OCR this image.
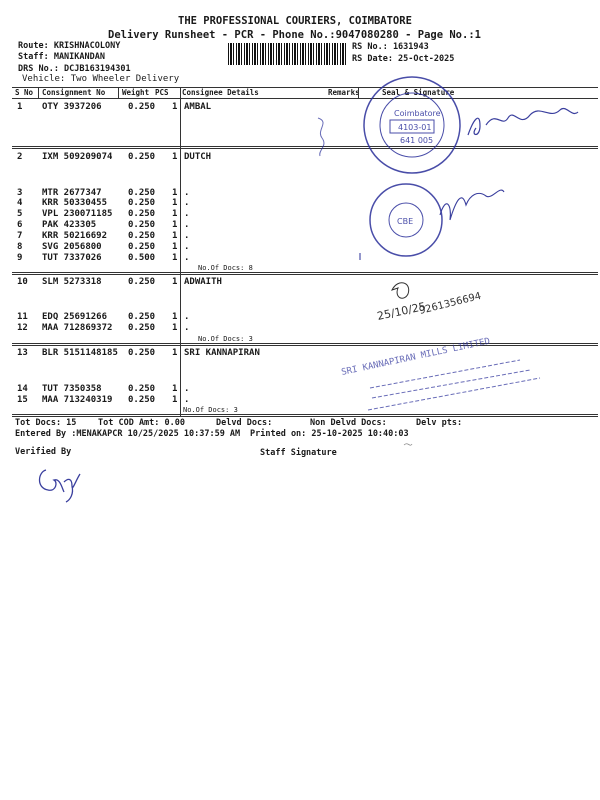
THE PROFESSIONAL COURIERS, COIMBATORE
Delivery Runsheet - PCR - Phone No.:9047080280 - Page No.:1
Route: KRISHNACOLONY
Staff: MANIKANDAN
DRS No.: DCJB163194301
Vehicle: Two Wheeler Delivery
RS No.: 1631943
RS Date: 25-Oct-2025
S No Consignment No Weight PCS Consignee Details	Remarks	Seal & Signature
1 OTY 3937206	0.250 1 AMBAL
2 IXM 509209074 0.250 1 DUTCH
3 MTR 2677347	0.250 1 .
4 KRR 50330455 0.250 1 .
5 VPL 230071185 0.250 1 .
6 PAK 423305	0.250 1 .
7 KRR 50216692 0.250 1 .
8 SVG 2056800	0.250 1 .
9 TUT 7337026	0.500 1 .
No.Of Docs: 8
10 SLM 5273318	0.250 1 ADWAITH
11 EDQ 25691266 0.250 1 .
12 MAA 712869372 0.250 1 .
No.Of Docs: 3
13 BLR 5151148185 0.250 1 SRI KANNAPIRAN
14 TUT 7350358	0.250 1 .
15 MAA 713240319 0.250 1 .
No.Of Docs: 3
Tot Docs: 15	Tot COD Amt: 0.00	Delvd Docs:	Non Delvd Docs:	Delv pts:
Entered By :MENAKAPCR 10/25/2025 10:37:59 AM Printed on: 25-10-2025 10:40:03
Verified By	Staff Signature
Coimbatore
4103-01
641 005
CBE
25/10/25
9261356694
SRI KANNAPIRAN MILLS LIMITED
